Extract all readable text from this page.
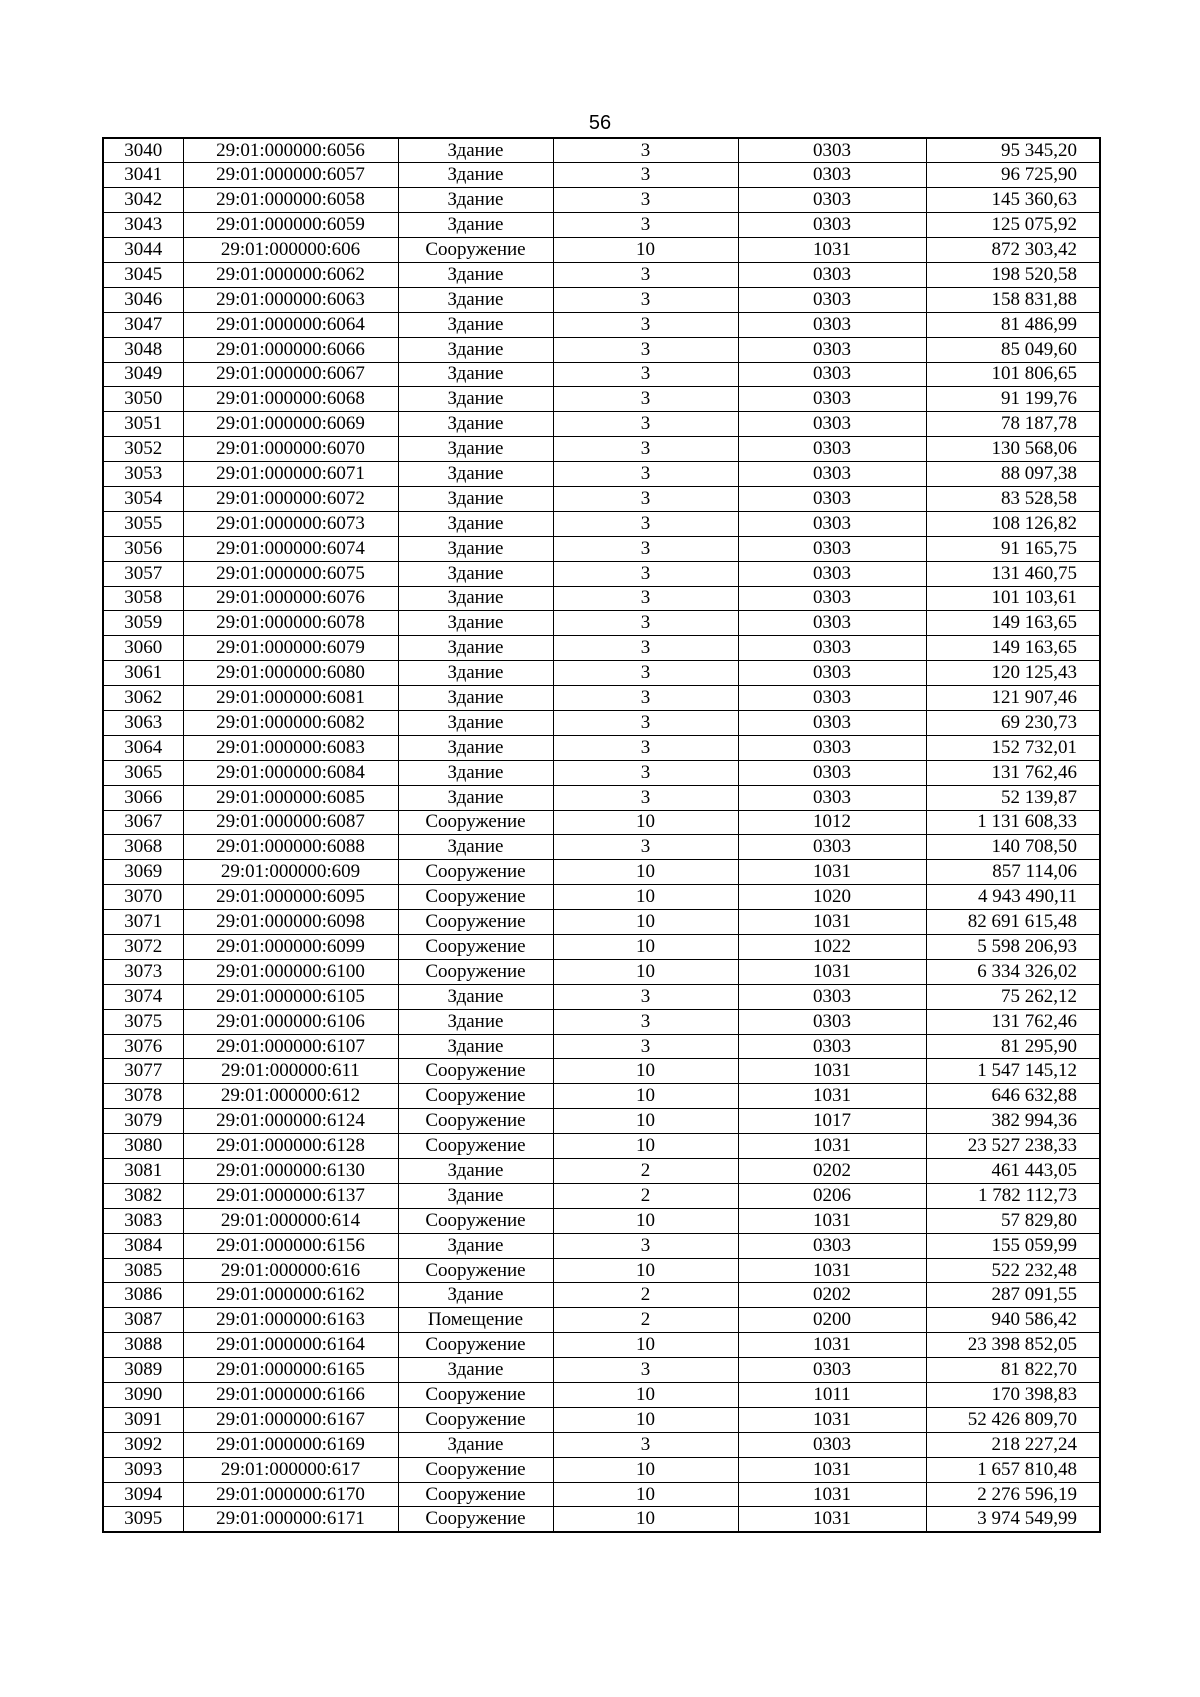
56
3040	29:01:000000:6056	Здание	3	0303	95 345,20
3041	29:01:000000:6057	Здание	3	0303	96 725,90
3042	29:01:000000:6058	Здание	3	0303	145 360,63
3043	29:01:000000:6059	Здание	3	0303	125 075,92
3044	29:01:000000:606	Сооружение	10	1031	872 303,42
3045	29:01:000000:6062	Здание	3	0303	198 520,58
3046	29:01:000000:6063	Здание	3	0303	158 831,88
3047	29:01:000000:6064	Здание	3	0303	81 486,99
3048	29:01:000000:6066	Здание	3	0303	85 049,60
3049	29:01:000000:6067	Здание	3	0303	101 806,65
3050	29:01:000000:6068	Здание	3	0303	91 199,76
3051	29:01:000000:6069	Здание	3	0303	78 187,78
3052	29:01:000000:6070	Здание	3	0303	130 568,06
3053	29:01:000000:6071	Здание	3	0303	88 097,38
3054	29:01:000000:6072	Здание	3	0303	83 528,58
3055	29:01:000000:6073	Здание	3	0303	108 126,82
3056	29:01:000000:6074	Здание	3	0303	91 165,75
3057	29:01:000000:6075	Здание	3	0303	131 460,75
3058	29:01:000000:6076	Здание	3	0303	101 103,61
3059	29:01:000000:6078	Здание	3	0303	149 163,65
3060	29:01:000000:6079	Здание	3	0303	149 163,65
3061	29:01:000000:6080	Здание	3	0303	120 125,43
3062	29:01:000000:6081	Здание	3	0303	121 907,46
3063	29:01:000000:6082	Здание	3	0303	69 230,73
3064	29:01:000000:6083	Здание	3	0303	152 732,01
3065	29:01:000000:6084	Здание	3	0303	131 762,46
3066	29:01:000000:6085	Здание	3	0303	52 139,87
3067	29:01:000000:6087	Сооружение	10	1012	1 131 608,33
3068	29:01:000000:6088	Здание	3	0303	140 708,50
3069	29:01:000000:609	Сооружение	10	1031	857 114,06
3070	29:01:000000:6095	Сооружение	10	1020	4 943 490,11
3071	29:01:000000:6098	Сооружение	10	1031	82 691 615,48
3072	29:01:000000:6099	Сооружение	10	1022	5 598 206,93
3073	29:01:000000:6100	Сооружение	10	1031	6 334 326,02
3074	29:01:000000:6105	Здание	3	0303	75 262,12
3075	29:01:000000:6106	Здание	3	0303	131 762,46
3076	29:01:000000:6107	Здание	3	0303	81 295,90
3077	29:01:000000:611	Сооружение	10	1031	1 547 145,12
3078	29:01:000000:612	Сооружение	10	1031	646 632,88
3079	29:01:000000:6124	Сооружение	10	1017	382 994,36
3080	29:01:000000:6128	Сооружение	10	1031	23 527 238,33
3081	29:01:000000:6130	Здание	2	0202	461 443,05
3082	29:01:000000:6137	Здание	2	0206	1 782 112,73
3083	29:01:000000:614	Сооружение	10	1031	57 829,80
3084	29:01:000000:6156	Здание	3	0303	155 059,99
3085	29:01:000000:616	Сооружение	10	1031	522 232,48
3086	29:01:000000:6162	Здание	2	0202	287 091,55
3087	29:01:000000:6163	Помещение	2	0200	940 586,42
3088	29:01:000000:6164	Сооружение	10	1031	23 398 852,05
3089	29:01:000000:6165	Здание	3	0303	81 822,70
3090	29:01:000000:6166	Сооружение	10	1011	170 398,83
3091	29:01:000000:6167	Сооружение	10	1031	52 426 809,70
3092	29:01:000000:6169	Здание	3	0303	218 227,24
3093	29:01:000000:617	Сооружение	10	1031	1 657 810,48
3094	29:01:000000:6170	Сооружение	10	1031	2 276 596,19
3095	29:01:000000:6171	Сооружение	10	1031	3 974 549,99
